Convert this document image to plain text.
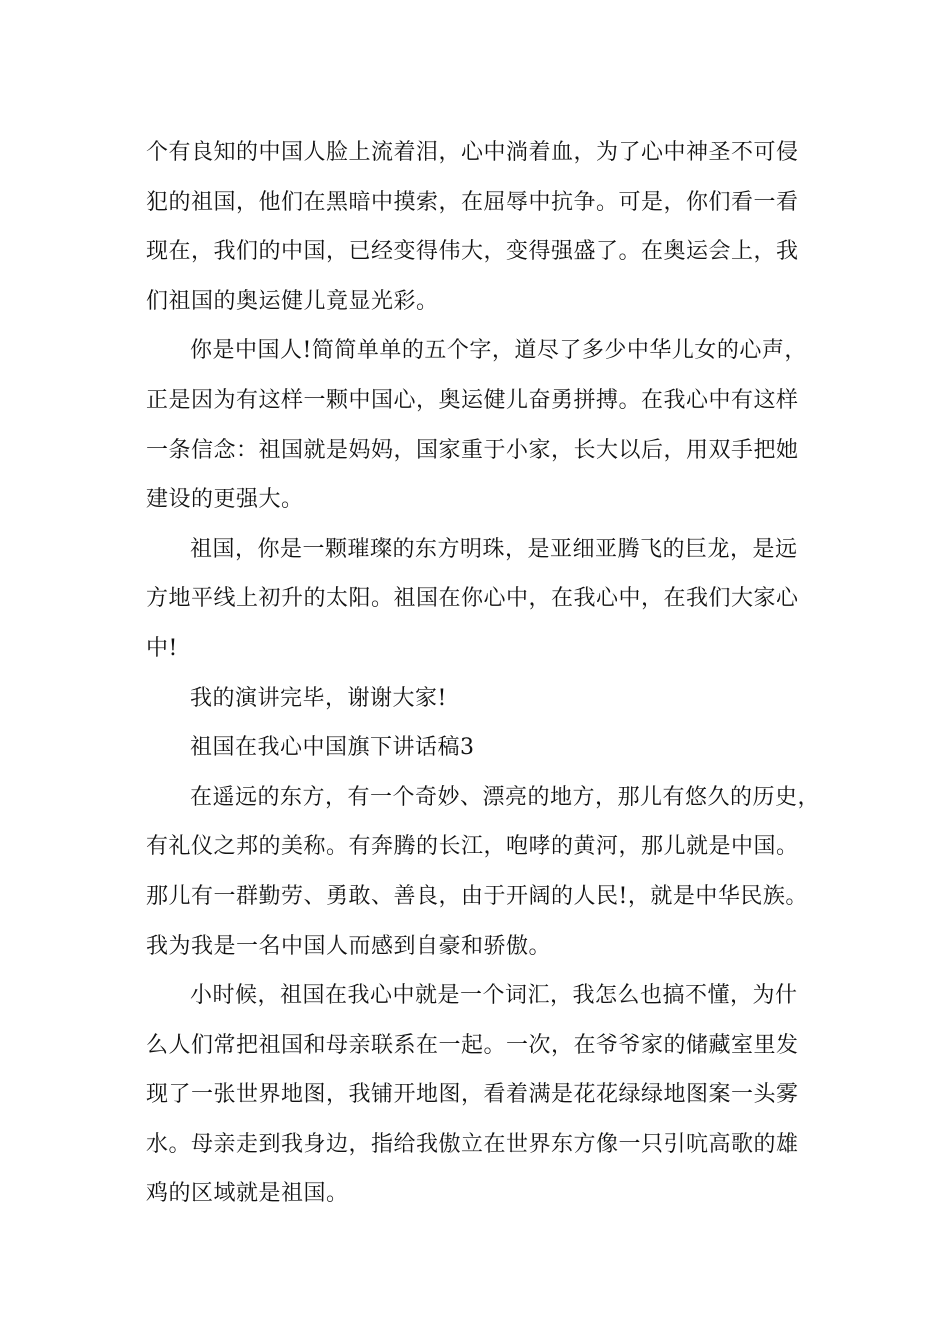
个有良知的中国人脸上流着泪，心中淌着血，为了心中神圣不可侵
犯的祖国，他们在黑暗中摸索，在屈辱中抗争。可是，你们看一看
现在，我们的中国，已经变得伟大，变得强盛了。在奥运会上，我
们祖国的奥运健儿竟显光彩。
你是中国人!简简单单的五个字，道尽了多少中华儿女的心声，
正是因为有这样一颗中国心，奥运健儿奋勇拼搏。在我心中有这样
一条信念：祖国就是妈妈，国家重于小家，长大以后，用双手把她
建设的更强大。
祖国，你是一颗璀璨的东方明珠，是亚细亚腾飞的巨龙，是远
方地平线上初升的太阳。祖国在你心中，在我心中，在我们大家心
中!
我的演讲完毕，谢谢大家!
祖国在我心中国旗下讲话稿3
在遥远的东方，有一个奇妙、漂亮的地方，那儿有悠久的历史，
有礼仪之邦的美称。有奔腾的长江，咆哮的黄河，那儿就是中国。
那儿有一群勤劳、勇敢、善良，由于开阔的人民!，就是中华民族。
我为我是一名中国人而感到自豪和骄傲。
小时候，祖国在我心中就是一个词汇，我怎么也搞不懂，为什
么人们常把祖国和母亲联系在一起。一次，在爷爷家的储藏室里发
现了一张世界地图，我铺开地图，看着满是花花绿绿地图案一头雾
水。母亲走到我身边，指给我傲立在世界东方像一只引吭高歌的雄
鸡的区域就是祖国。
